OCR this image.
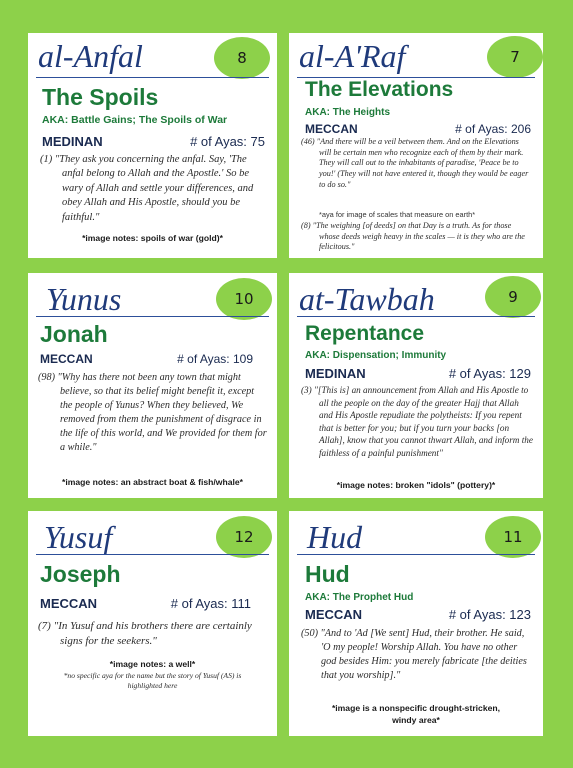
al-Anfal	8
The Spoils
AKA: Battle Gains; The Spoils of War
MEDINAN	# of Ayas: 75
(1) "They ask you concerning the anfal. Say, 'The anfal belong to Allah and the Apostle.' So be wary of Allah and settle your differences, and obey Allah and His Apostle, should you be faithful."
*image notes: spoils of war (gold)*
al-A'Raf	7
The Elevations
AKA: The Heights
MECCAN	# of Ayas: 206
(46) "And there will be a veil between them. And on the Elevations will be certain men who recognize each of them by their mark. They will call out to the inhabitants of paradise, 'Peace be to you!' (They will not have entered it, though they would be eager to do so."
*aya for image of scales that measure on earth*
(8) "The weighing [of deeds] on that Day is a truth. As for those whose deeds weigh heavy in the scales — it is they who are the felicitous."
Yunus	10
Jonah
MECCAN	# of Ayas: 109
(98) "Why has there not been any town that might believe, so that its belief might benefit it, except the people of Yunus? When they believed, We removed from them the punishment of disgrace in the life of this world, and We provided for them for a while."
*image notes: an abstract boat & fish/whale*
at-Tawbah	9
Repentance
AKA: Dispensation; Immunity
MEDINAN	# of Ayas: 129
(3) "[This is] an announcement from Allah and His Apostle to all the people on the day of the greater Hajj that Allah and His Apostle repudiate the polytheists: If you repent that is better for you; but if you turn your backs [on Allah], know that you cannot thwart Allah, and inform the faithless of a painful punishment"
*image notes: broken "idols" (pottery)*
Yusuf	12
Joseph
MECCAN	# of Ayas: 111
(7) "In Yusuf and his brothers there are certainly signs for the seekers."
*image notes: a well*
*no specific aya for the name but the story of Yusuf (AS) is highlighted here
Hud	11
Hud
AKA: The Prophet Hud
MECCAN	# of Ayas: 123
(50) "And to 'Ad [We sent] Hud, their brother. He said, 'O my people! Worship Allah. You have no other god besides Him: you merely fabricate [the deities that you worship]."
*image is a nonspecific drought-stricken, windy area*
